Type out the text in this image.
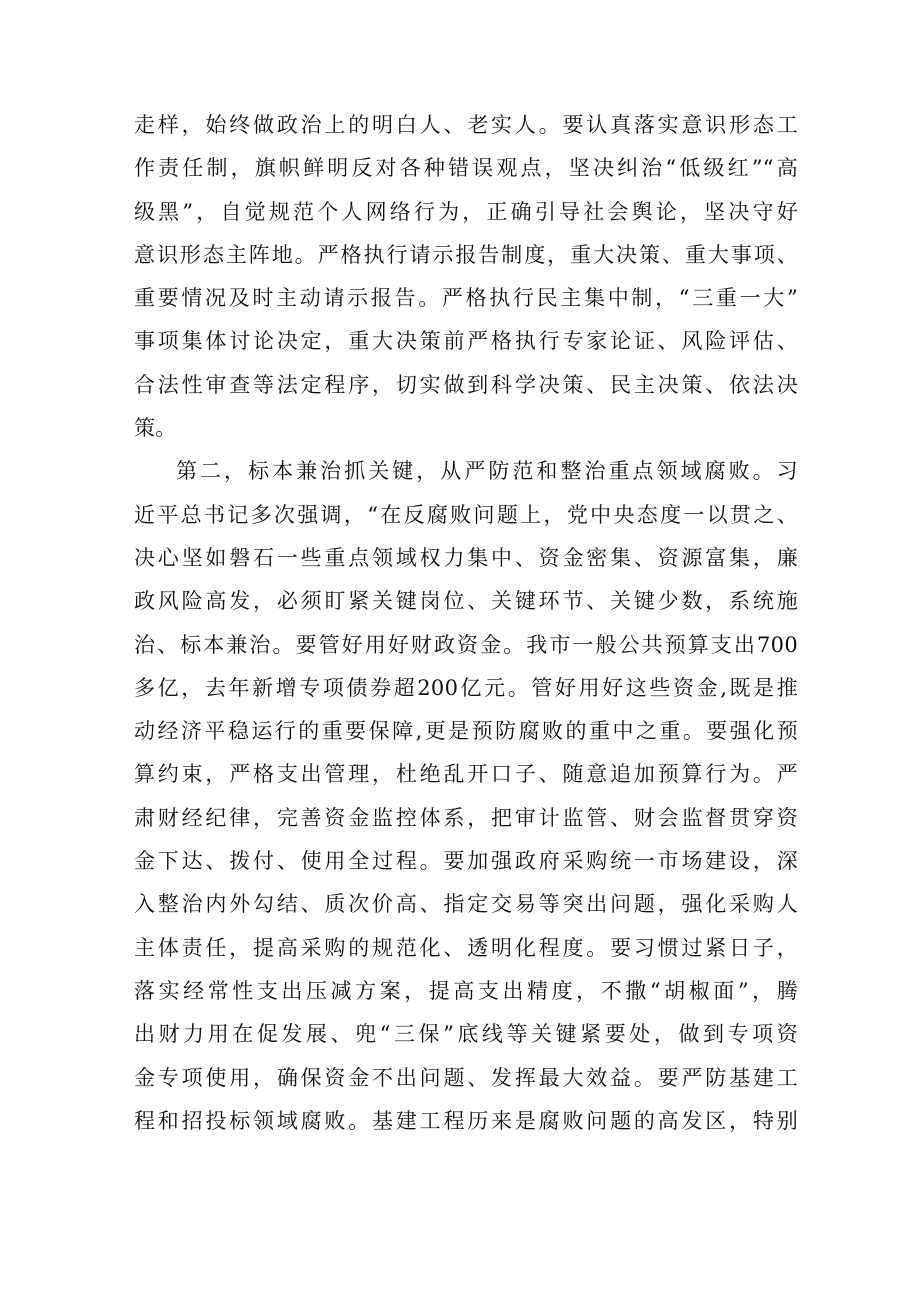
走样，始终做政治上的明白人、老实人。要认真落实意识形态工
作责任制，旗帜鲜明反对各种错误观点，坚决纠治“低级红”“高
级黑”，自觉规范个人网络行为，正确引导社会舆论，坚决守好
意识形态主阵地。严格执行请示报告制度，重大决策、重大事项、
重要情况及时主动请示报告。严格执行民主集中制，“三重一大”
事项集体讨论决定，重大决策前严格执行专家论证、风险评估、
合法性审查等法定程序，切实做到科学决策、民主决策、依法决
策。
第二，标本兼治抓关键，从严防范和整治重点领域腐败。习
近平总书记多次强调，“在反腐败问题上，党中央态度一以贯之、
决心坚如磐石一些重点领域权力集中、资金密集、资源富集，廉
政风险高发，必须盯紧关键岗位、关键环节、关键少数，系统施
治、标本兼治。要管好用好财政资金。我市一般公共预算支出700
多亿，去年新增专项债券超200亿元。管好用好这些资金,既是推
动经济平稳运行的重要保障,更是预防腐败的重中之重。要强化预
算约束，严格支出管理，杜绝乱开口子、随意追加预算行为。严
肃财经纪律，完善资金监控体系，把审计监管、财会监督贯穿资
金下达、拨付、使用全过程。要加强政府采购统一市场建设，深
入整治内外勾结、质次价高、指定交易等突出问题，强化采购人
主体责任，提高采购的规范化、透明化程度。要习惯过紧日子，
落实经常性支出压减方案，提高支出精度，不撒“胡椒面”，腾
出财力用在促发展、兜“三保”底线等关键紧要处，做到专项资
金专项使用，确保资金不出问题、发挥最大效益。要严防基建工
程和招投标领域腐败。基建工程历来是腐败问题的高发区，特别
